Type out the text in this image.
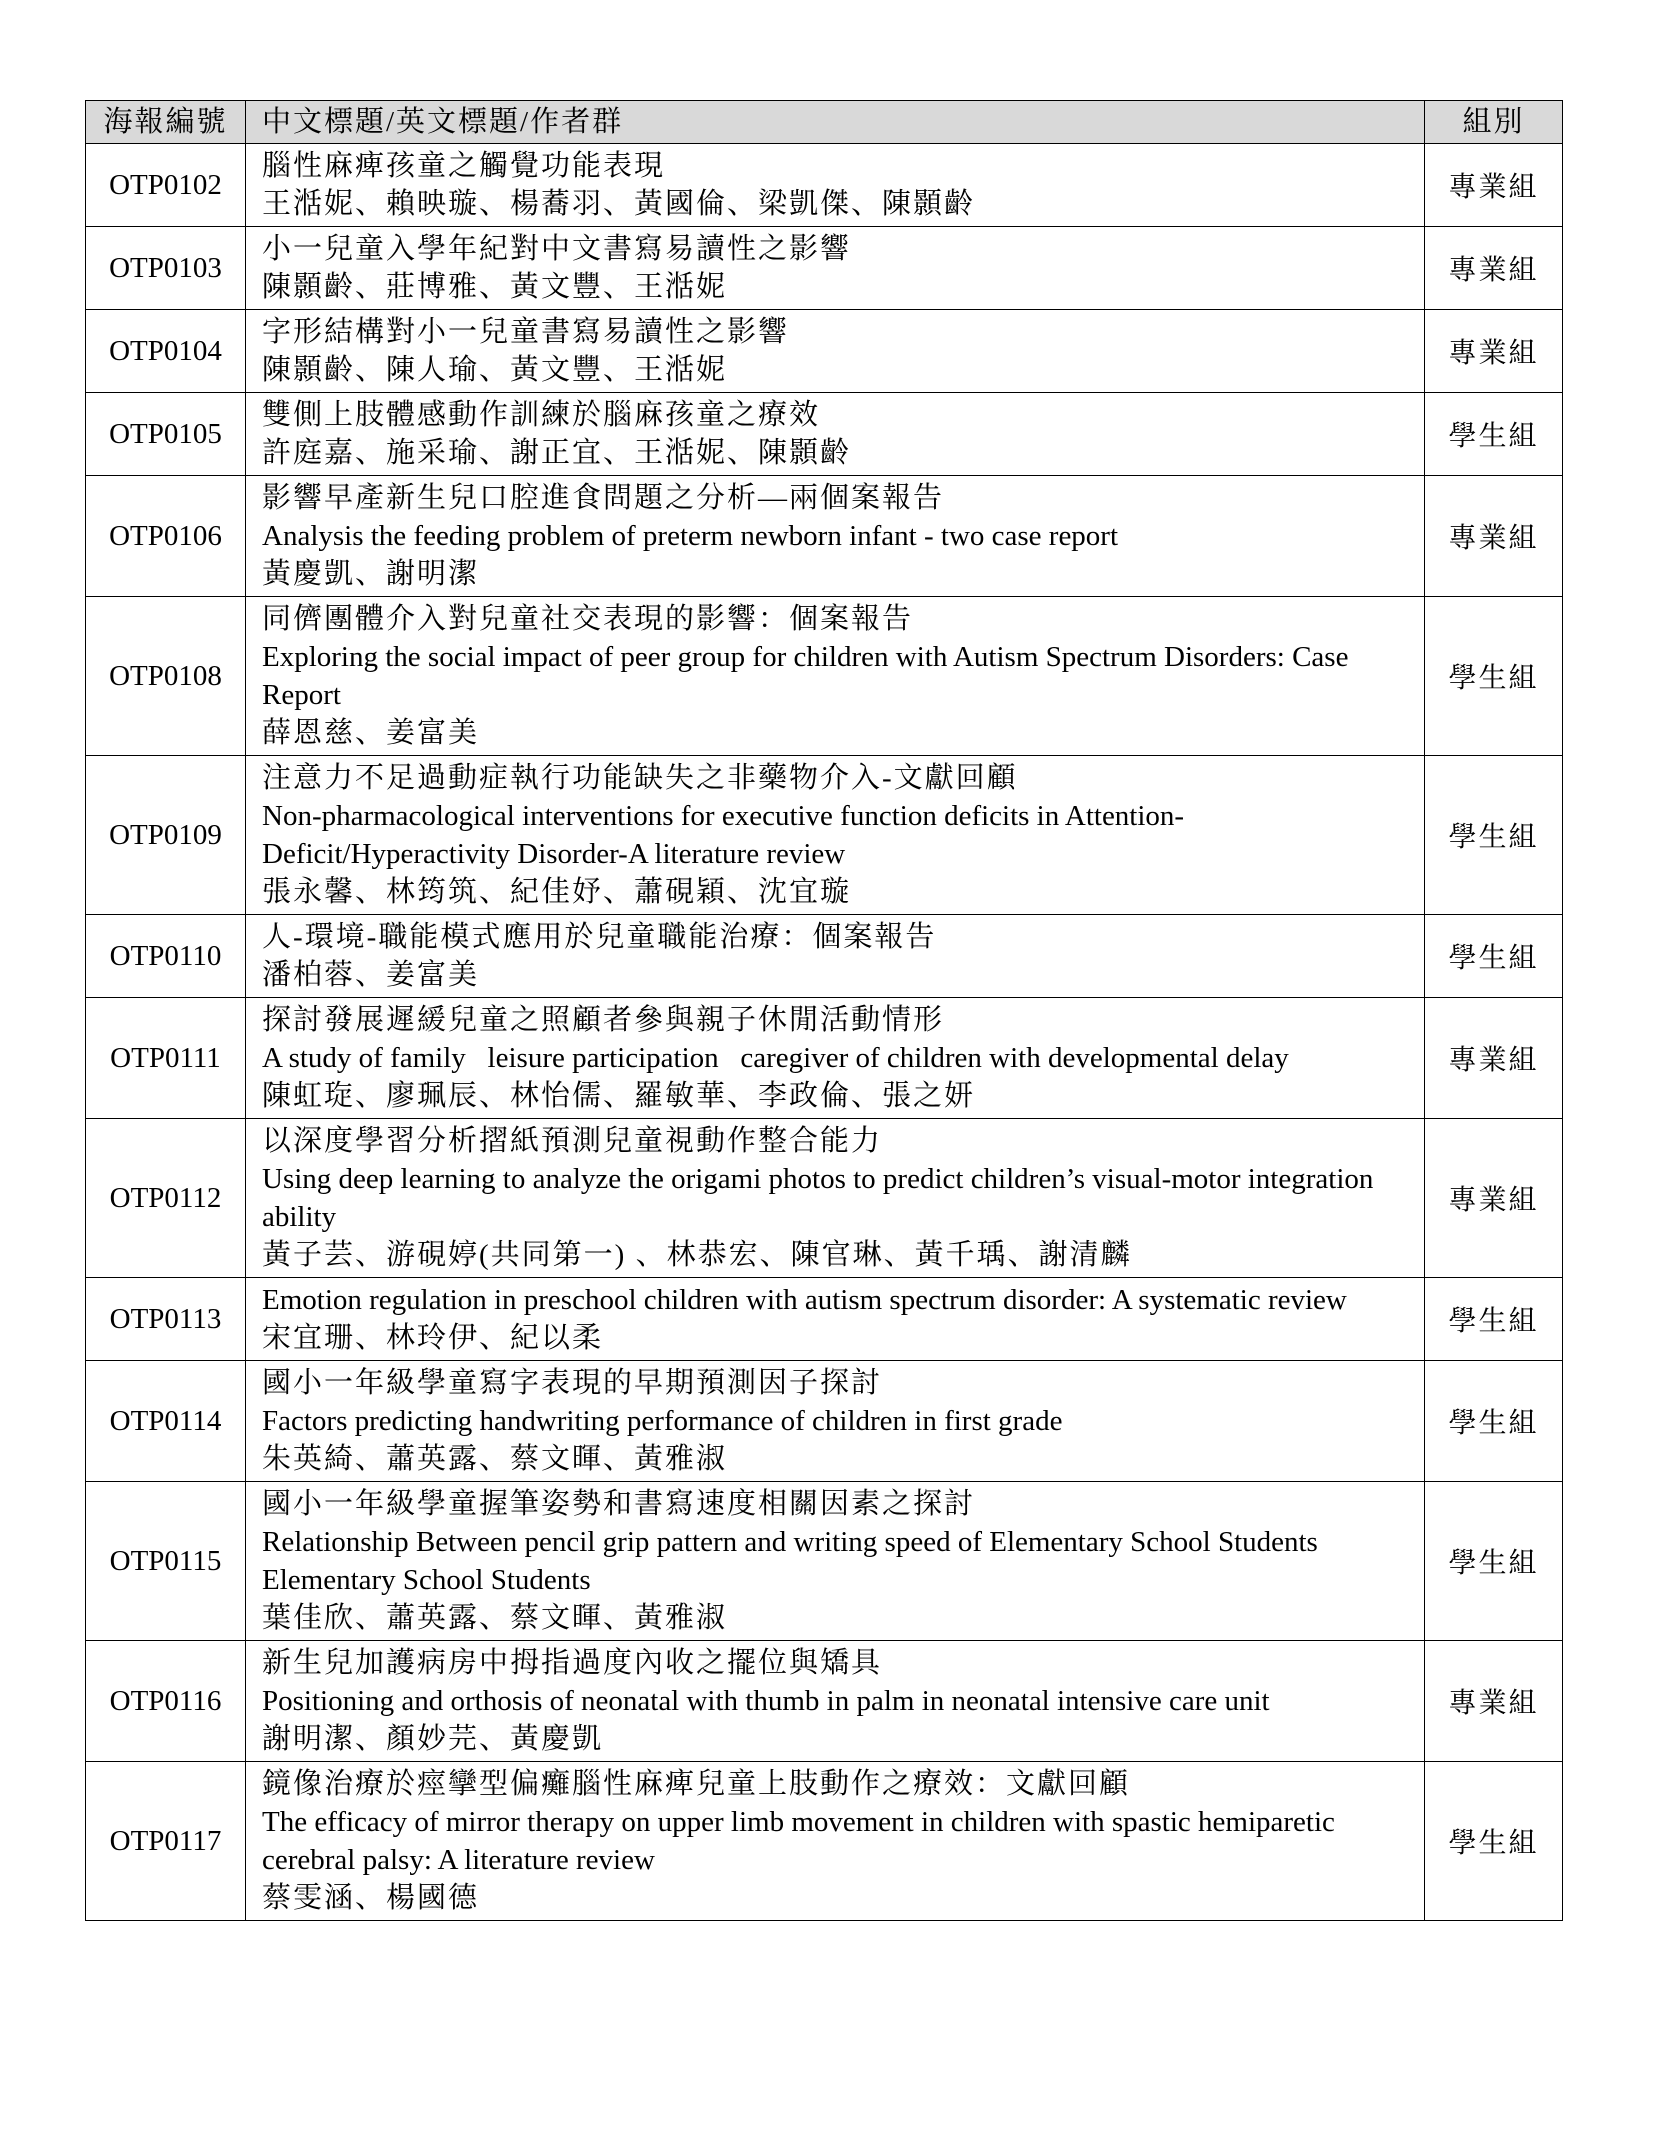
海報編號	中文標題/英文標題/作者群	組別
OTP0102	腦性麻痺孩童之觸覺功能表現
王湉妮、賴映璇、楊蕎羽、黃國倫、梁凱傑、陳顥齡	專業組
OTP0103	小一兒童入學年紀對中文書寫易讀性之影響
陳顥齡、莊博雅、黃文豐、王湉妮	專業組
OTP0104	字形結構對小一兒童書寫易讀性之影響
陳顥齡、陳人瑜、黃文豐、王湉妮	專業組
OTP0105	雙側上肢體感動作訓練於腦麻孩童之療效
許庭嘉、施采瑜、謝正宜、王湉妮、陳顥齡	學生組
OTP0106	影響早產新生兒口腔進食問題之分析—兩個案報告
Analysis the feeding problem of preterm newborn infant - two case report
黃慶凱、謝明潔	專業組
OTP0108	同儕團體介入對兒童社交表現的影響：個案報告
Exploring the social impact of peer group for children with Autism Spectrum Disorders: Case Report
薛恩慈、姜富美	學生組
OTP0109	注意力不足過動症執行功能缺失之非藥物介入-文獻回顧
Non-pharmacological interventions for executive function deficits in Attention-Deficit/Hyperactivity Disorder-A literature review
張永馨、林筠筑、紀佳妤、蕭硯穎、沈宜璇	學生組
OTP0110	人-環境-職能模式應用於兒童職能治療：個案報告
潘柏蓉、姜富美	學生組
OTP0111	探討發展遲緩兒童之照顧者參與親子休閒活動情形
A study of family   leisure participation   caregiver of children with developmental delay
陳虹琁、廖珮辰、林怡儒、羅敏華、李政倫、張之妍	專業組
OTP0112	以深度學習分析摺紙預測兒童視動作整合能力
Using deep learning to analyze the origami photos to predict children’s visual-motor integration ability
黃子芸、游硯婷(共同第一) 、林恭宏、陳官琳、黃千瑀、謝清麟	專業組
OTP0113	Emotion regulation in preschool children with autism spectrum disorder: A systematic review
宋宜珊、林玲伊、紀以柔	學生組
OTP0114	國小一年級學童寫字表現的早期預測因子探討
Factors predicting handwriting performance of children in first grade
朱英綺、蕭英露、蔡文暉、黃雅淑	學生組
OTP0115	國小一年級學童握筆姿勢和書寫速度相關因素之探討
Relationship Between pencil grip pattern and writing speed of Elementary School Students Elementary School Students
葉佳欣、蕭英露、蔡文暉、黃雅淑	學生組
OTP0116	新生兒加護病房中拇指過度內收之擺位與矯具
Positioning and orthosis of neonatal with thumb in palm in neonatal intensive care unit
謝明潔、顏妙芫、黃慶凱	專業組
OTP0117	鏡像治療於痙攣型偏癱腦性麻痺兒童上肢動作之療效：文獻回顧
The efficacy of mirror therapy on upper limb movement in children with spastic hemiparetic cerebral palsy: A literature review
蔡雯涵、楊國德	學生組
